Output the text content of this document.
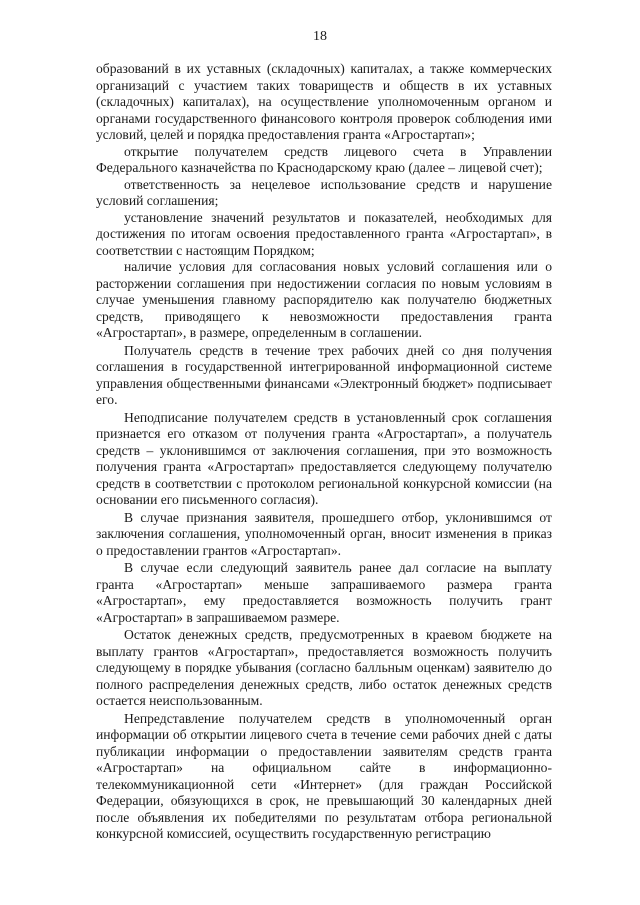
18

образований в их уставных (складочных) капиталах, а также коммерческих организаций с участием таких товариществ и обществ в их уставных (складочных) капиталах), на осуществление уполномоченным органом и органами государственного финансового контроля проверок соблюдения ими условий, целей и порядка предоставления гранта «Агростартап»;

открытие получателем средств лицевого счета в Управлении Федерального казначейства по Краснодарскому краю (далее – лицевой счет);

ответственность за нецелевое использование средств и нарушение условий соглашения;

установление значений результатов и показателей, необходимых для достижения по итогам освоения предоставленного гранта «Агростартап», в соответствии с настоящим Порядком;

наличие условия для согласования новых условий соглашения или о расторжении соглашения при недостижении согласия по новым условиям в случае уменьшения главному распорядителю как получателю бюджетных средств, приводящего к невозможности предоставления гранта «Агростартап», в размере, определенным в соглашении.

Получатель средств в течение трех рабочих дней со дня получения соглашения в государственной интегрированной информационной системе управления общественными финансами «Электронный бюджет» подписывает его.

Неподписание получателем средств в установленный срок соглашения признается его отказом от получения гранта «Агростартап», а получатель средств – уклонившимся от заключения соглашения, при это возможность получения гранта «Агростартап» предоставляется следующему получателю средств в соответствии с протоколом региональной конкурсной комиссии (на основании его письменного согласия).

В случае признания заявителя, прошедшего отбор, уклонившимся от заключения соглашения, уполномоченный орган, вносит изменения в приказ о предоставлении грантов «Агростартап».

В случае если следующий заявитель ранее дал согласие на выплату гранта «Агростартап» меньше запрашиваемого размера гранта «Агростартап», ему предоставляется возможность получить грант «Агростартап» в запрашиваемом размере.

Остаток денежных средств, предусмотренных в краевом бюджете на выплату грантов «Агростартап», предоставляется возможность получить следующему в порядке убывания (согласно балльным оценкам) заявителю до полного распределения денежных средств, либо остаток денежных средств остается неиспользованным.

Непредставление получателем средств в уполномоченный орган информации об открытии лицевого счета в течение семи рабочих дней с даты публикации информации о предоставлении заявителям средств гранта «Агростартап» на официальном сайте в информационно-телекоммуникационной сети «Интернет» (для граждан Российской Федерации, обязующихся в срок, не превышающий 30 календарных дней после объявления их победителями по результатам отбора региональной конкурсной комиссией, осуществить государственную регистрацию
